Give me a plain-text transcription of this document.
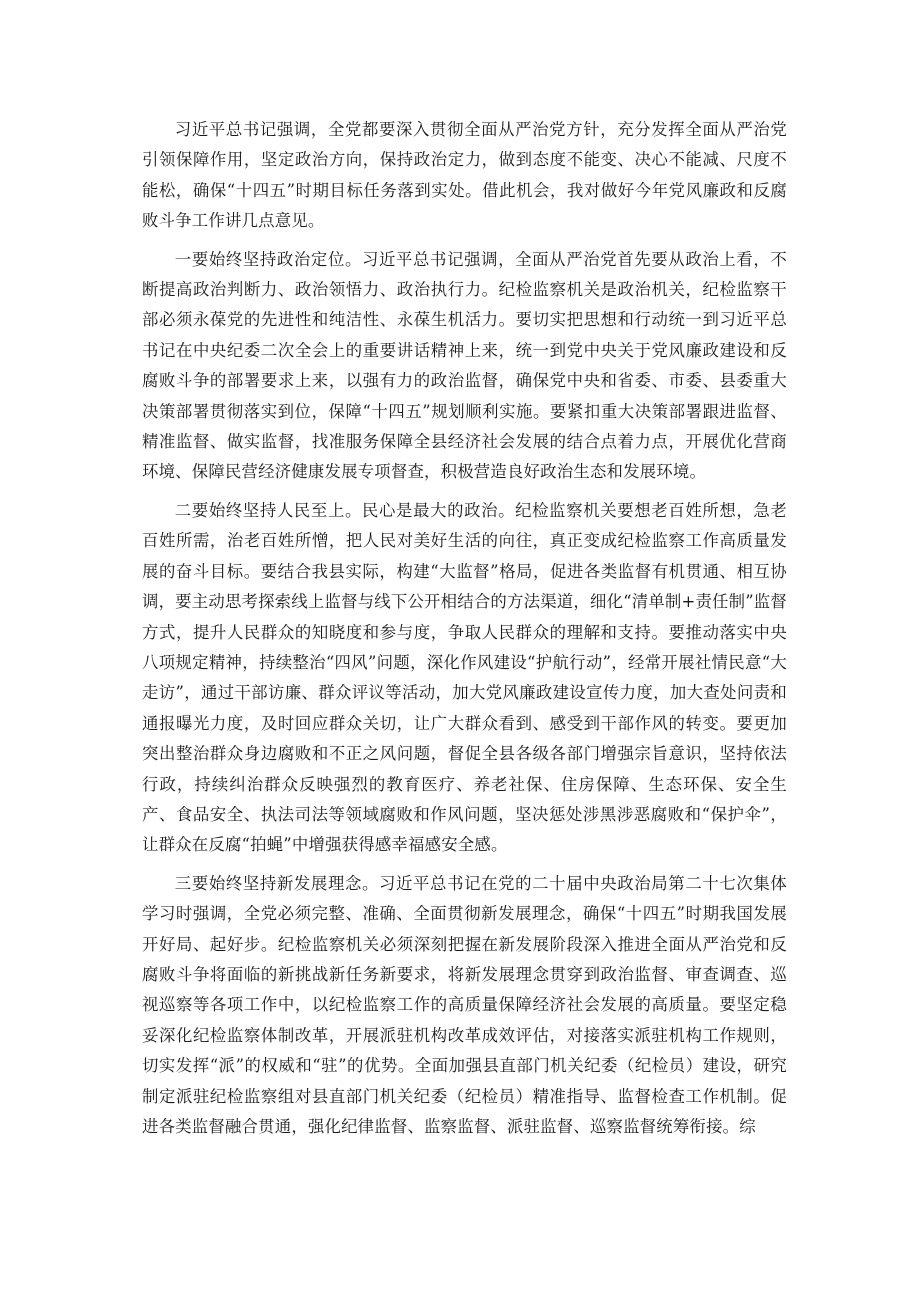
习近平总书记强调，全党都要深入贯彻全面从严治党方针，充分发挥全面从严治党引领保障作用，坚定政治方向，保持政治定力，做到态度不能变、决心不能减、尺度不能松，确保“十四五”时期目标任务落到实处。借此机会，我对做好今年党风廉政和反腐败斗争工作讲几点意见。

一要始终坚持政治定位。习近平总书记强调，全面从严治党首先要从政治上看，不断提高政治判断力、政治领悟力、政治执行力。纪检监察机关是政治机关，纪检监察干部必须永葆党的先进性和纯洁性、永葆生机活力。要切实把思想和行动统一到习近平总书记在中央纪委二次全会上的重要讲话精神上来，统一到党中央关于党风廉政建设和反腐败斗争的部署要求上来，以强有力的政治监督，确保党中央和省委、市委、县委重大决策部署贯彻落实到位，保障“十四五”规划顺利实施。要紧扣重大决策部署跟进监督、精准监督、做实监督，找准服务保障全县经济社会发展的结合点着力点，开展优化营商环境、保障民营经济健康发展专项督查，积极营造良好政治生态和发展环境。

二要始终坚持人民至上。民心是最大的政治。纪检监察机关要想老百姓所想，急老百姓所需，治老百姓所憎，把人民对美好生活的向往，真正变成纪检监察工作高质量发展的奋斗目标。要结合我县实际，构建“大监督”格局，促进各类监督有机贯通、相互协调，要主动思考探索线上监督与线下公开相结合的方法渠道，细化“清单制+责任制”监督方式，提升人民群众的知晓度和参与度，争取人民群众的理解和支持。要推动落实中央八项规定精神，持续整治“四风”问题，深化作风建设“护航行动”，经常开展社情民意“大走访”，通过干部访廉、群众评议等活动，加大党风廉政建设宣传力度，加大查处问责和通报曝光力度，及时回应群众关切，让广大群众看到、感受到干部作风的转变。要更加突出整治群众身边腐败和不正之风问题，督促全县各级各部门增强宗旨意识，坚持依法行政，持续纠治群众反映强烈的教育医疗、养老社保、住房保障、生态环保、安全生产、食品安全、执法司法等领域腐败和作风问题，坚决惩处涉黑涉恶腐败和“保护伞”，让群众在反腐“拍蝇”中增强获得感幸福感安全感。

三要始终坚持新发展理念。习近平总书记在党的二十届中央政治局第二十七次集体学习时强调，全党必须完整、准确、全面贯彻新发展理念，确保“十四五”时期我国发展开好局、起好步。纪检监察机关必须深刻把握在新发展阶段深入推进全面从严治党和反腐败斗争将面临的新挑战新任务新要求，将新发展理念贯穿到政治监督、审查调查、巡视巡察等各项工作中，以纪检监察工作的高质量保障经济社会发展的高质量。要坚定稳妥深化纪检监察体制改革，开展派驻机构改革成效评估，对接落实派驻机构工作规则，切实发挥“派”的权威和“驻”的优势。全面加强县直部门机关纪委（纪检员）建设，研究制定派驻纪检监察组对县直部门机关纪委（纪检员）精准指导、监督检查工作机制。促进各类监督融合贯通，强化纪律监督、监察监督、派驻监督、巡察监督统筹衔接。综
